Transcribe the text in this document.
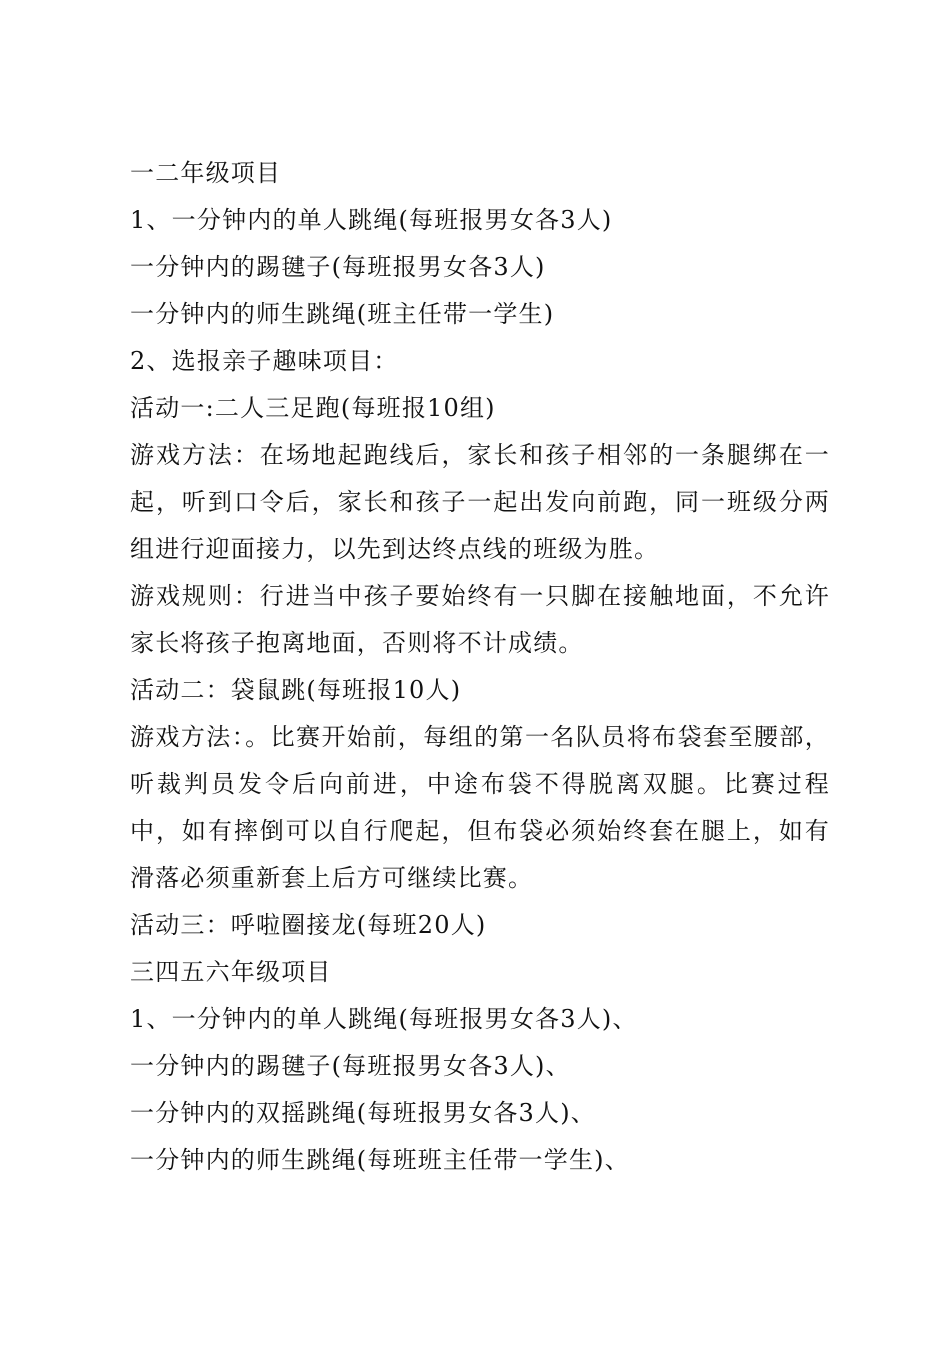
一二年级项目

1、一分钟内的单人跳绳(每班报男女各3人)

一分钟内的踢毽子(每班报男女各3人)

一分钟内的师生跳绳(班主任带一学生)

2、选报亲子趣味项目：

活动一:二人三足跑(每班报10组)

游戏方法：在场地起跑线后，家长和孩子相邻的一条腿绑在一起，听到口令后，家长和孩子一起出发向前跑，同一班级分两组进行迎面接力，以先到达终点线的班级为胜。

游戏规则：行进当中孩子要始终有一只脚在接触地面，不允许家长将孩子抱离地面，否则将不计成绩。

活动二：袋鼠跳(每班报10人)

游戏方法：。比赛开始前，每组的第一名队员将布袋套至腰部，听裁判员发令后向前进，中途布袋不得脱离双腿。比赛过程中，如有摔倒可以自行爬起，但布袋必须始终套在腿上，如有滑落必须重新套上后方可继续比赛。

活动三：呼啦圈接龙(每班20人)

三四五六年级项目

1、一分钟内的单人跳绳(每班报男女各3人)、

一分钟内的踢毽子(每班报男女各3人)、

一分钟内的双摇跳绳(每班报男女各3人)、

一分钟内的师生跳绳(每班班主任带一学生)、
